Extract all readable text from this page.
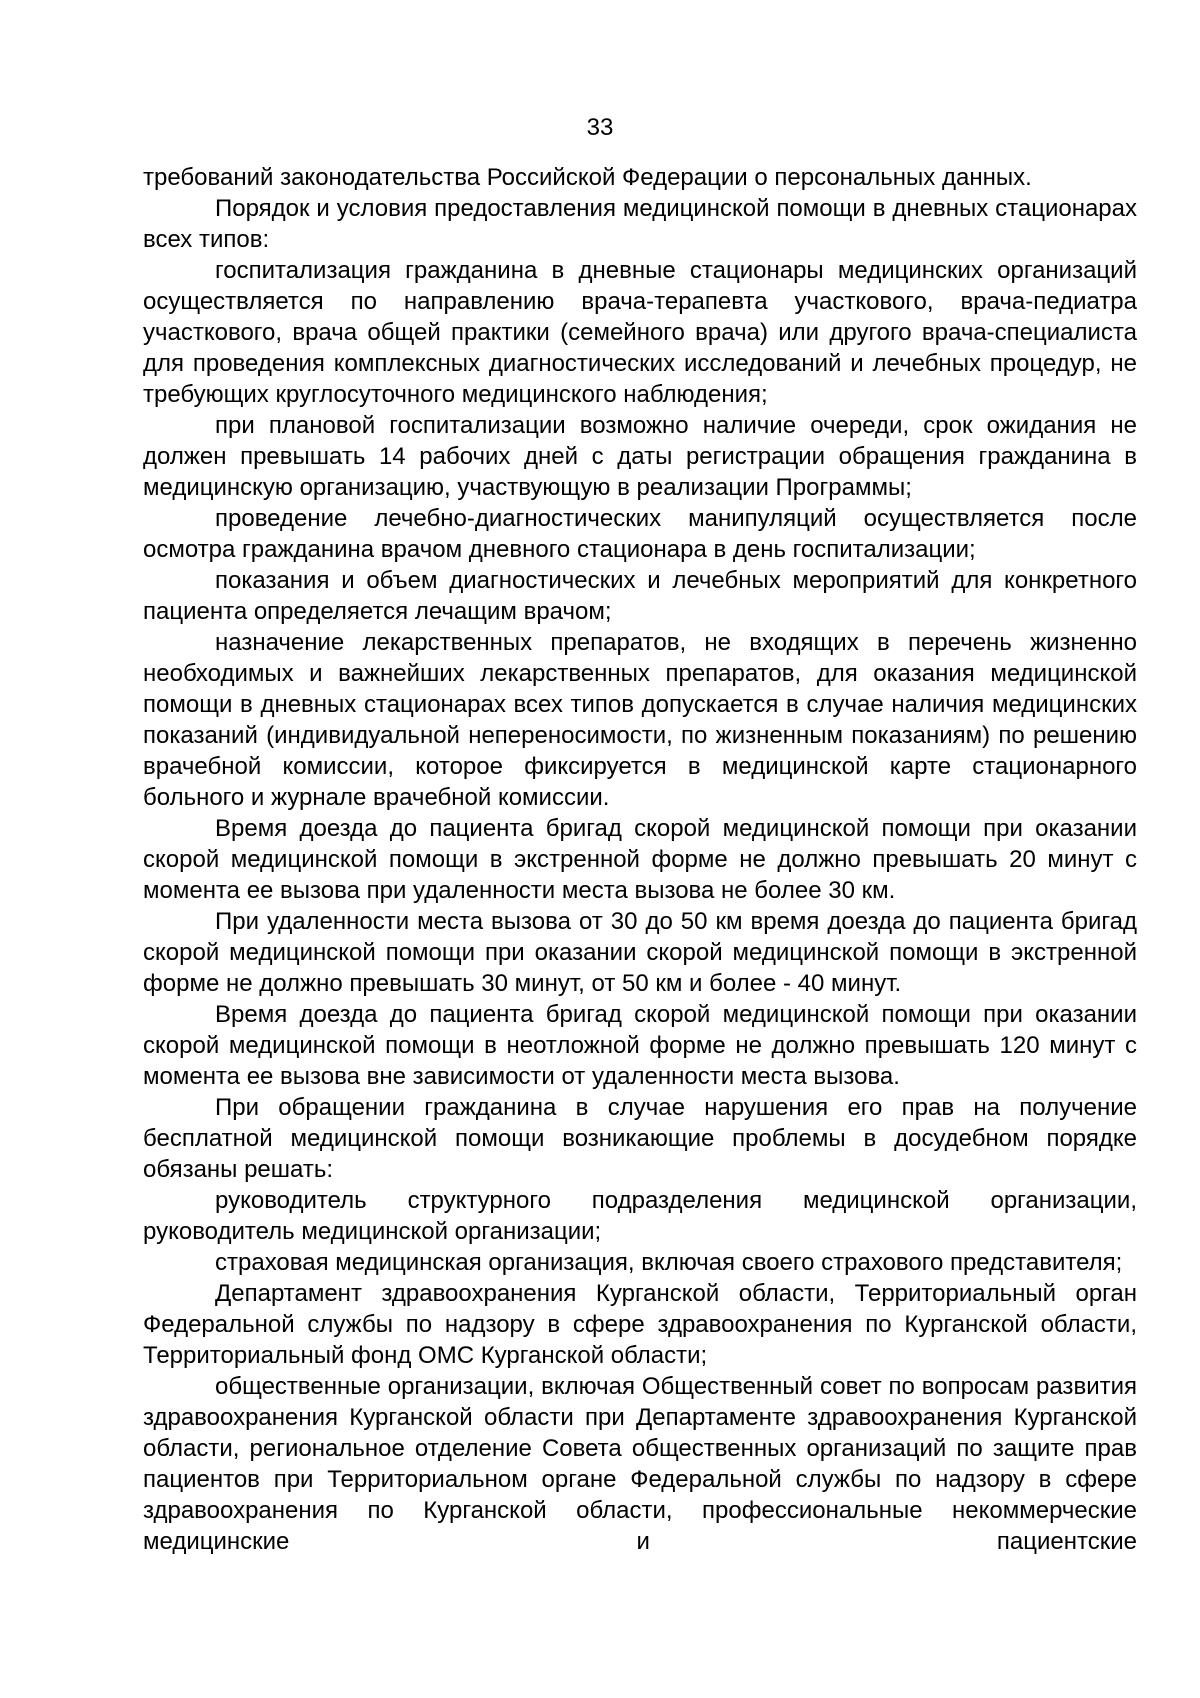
33

требований законодательства Российской Федерации о персональных данных.

Порядок и условия предоставления медицинской помощи в дневных стационарах всех типов:

госпитализация гражданина в дневные стационары медицинских организаций осуществляется по направлению врача-терапевта участкового, врача-педиатра участкового, врача общей практики (семейного врача) или другого врача-специалиста для проведения комплексных диагностических исследований и лечебных процедур, не требующих круглосуточного медицинского наблюдения;

при плановой госпитализации возможно наличие очереди, срок ожидания не должен превышать 14 рабочих дней с даты регистрации обращения гражданина в медицинскую организацию, участвующую в реализации Программы;

проведение лечебно-диагностических манипуляций осуществляется после осмотра гражданина врачом дневного стационара в день госпитализации;

показания и объем диагностических и лечебных мероприятий для конкретного пациента определяется лечащим врачом;

назначение лекарственных препаратов, не входящих в перечень жизненно необходимых и важнейших лекарственных препаратов, для оказания медицинской помощи в дневных стационарах всех типов допускается в случае наличия медицинских показаний (индивидуальной непереносимости, по жизненным показаниям) по решению врачебной комиссии, которое фиксируется в медицинской карте стационарного больного и журнале врачебной комиссии.

Время доезда до пациента бригад скорой медицинской помощи при оказании скорой медицинской помощи в экстренной форме не должно превышать 20 минут с момента ее вызова при удаленности места вызова не более 30 км.

При удаленности места вызова от 30 до 50 км время доезда до пациента бригад скорой медицинской помощи при оказании скорой медицинской помощи в экстренной форме не должно превышать 30 минут, от 50 км и более - 40 минут.

Время доезда до пациента бригад скорой медицинской помощи при оказании скорой медицинской помощи в неотложной форме не должно превышать 120 минут с момента ее вызова вне зависимости от удаленности места вызова.

При обращении гражданина в случае нарушения его прав на получение бесплатной медицинской помощи возникающие проблемы в досудебном порядке обязаны решать:

руководитель структурного подразделения медицинской организации, руководитель медицинской организации;

страховая медицинская организация, включая своего страхового представителя;

Департамент здравоохранения Курганской области, Территориальный орган Федеральной службы по надзору в сфере здравоохранения по Курганской области, Территориальный фонд ОМС Курганской области;

общественные организации, включая Общественный совет по вопросам развития здравоохранения Курганской области при Департаменте здравоохранения Курганской области, региональное отделение Совета общественных организаций по защите прав пациентов при Территориальном органе Федеральной службы по надзору в сфере здравоохранения по Курганской области, профессиональные некоммерческие медицинские и пациентские
